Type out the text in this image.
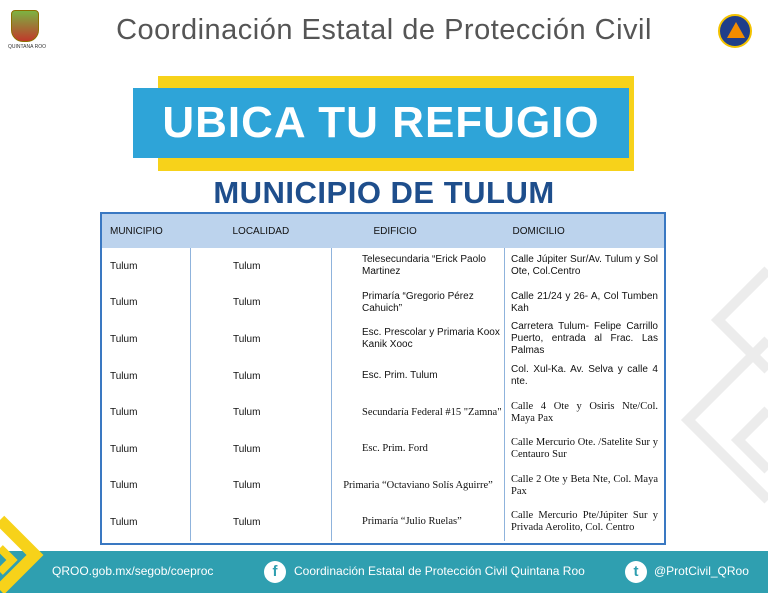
QUINTANA ROO
Coordinación Estatal de Protección Civil
UBICA TU REFUGIO
MUNICIPIO DE TULUM
MUNICIPIO	LOCALIDAD	EDIFICIO	DOMICILIO
Tulum	Tulum	Telesecundaria “Erick Paolo Martinez	Calle Júpiter Sur/Av. Tulum y Sol Ote, Col.Centro
Tulum	Tulum	Primaría “Gregorio Pérez Cahuich”	Calle 21/24 y 26- A, Col Tumben Kah
Tulum	Tulum	Esc. Prescolar y Primaria Koox Kanik Xooc	Carretera Tulum- Felipe Carrillo Puerto, entrada al Frac. Las Palmas
Tulum	Tulum	Esc. Prim. Tulum	Col. Xul-Ka. Av. Selva y calle 4 nte.
Tulum	Tulum	Secundaría Federal #15 "Zamna"	Calle 4 Ote y Osiris Nte/Col. Maya Pax
Tulum	Tulum	Esc. Prim. Ford	Calle Mercurio Ote. /Satelite Sur y Centauro Sur
Tulum	Tulum	Primaria “Octaviano Solís Aguirre”	Calle 2 Ote y Beta Nte, Col. Maya Pax
Tulum	Tulum	Primaría “Julio Ruelas”	Calle Mercurio Pte/Júpiter Sur y Privada Aerolito, Col. Centro
QROO.gob.mx/segob/coeproc	f	Coordinación Estatal de Protección Civil Quintana Roo	t	@ProtCivil_QRoo
